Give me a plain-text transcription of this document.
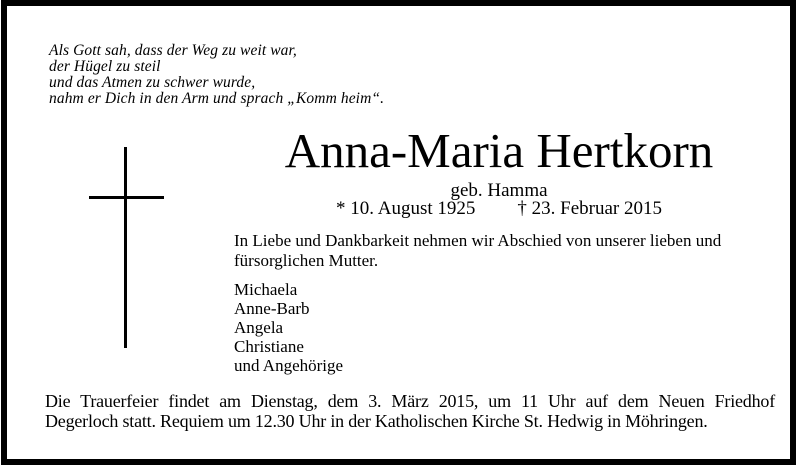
Als Gott sah, dass der Weg zu weit war,
der Hügel zu steil
und das Atmen zu schwer wurde,
nahm er Dich in den Arm und sprach „Komm heim“.
Anna-Maria Hertkorn
geb. Hamma
* 10. August 1925 † 23. Februar 2015
In Liebe und Dankbarkeit nehmen wir Abschied von unserer lieben und
fürsorglichen Mutter.
Michaela
Anne-Barb
Angela
Christiane
und Angehörige
Die Trauerfeier findet am Dienstag, dem 3. März 2015, um 11 Uhr auf dem Neuen Friedhof
Degerloch statt. Requiem um 12.30 Uhr in der Katholischen Kirche St. Hedwig in Möhringen.
